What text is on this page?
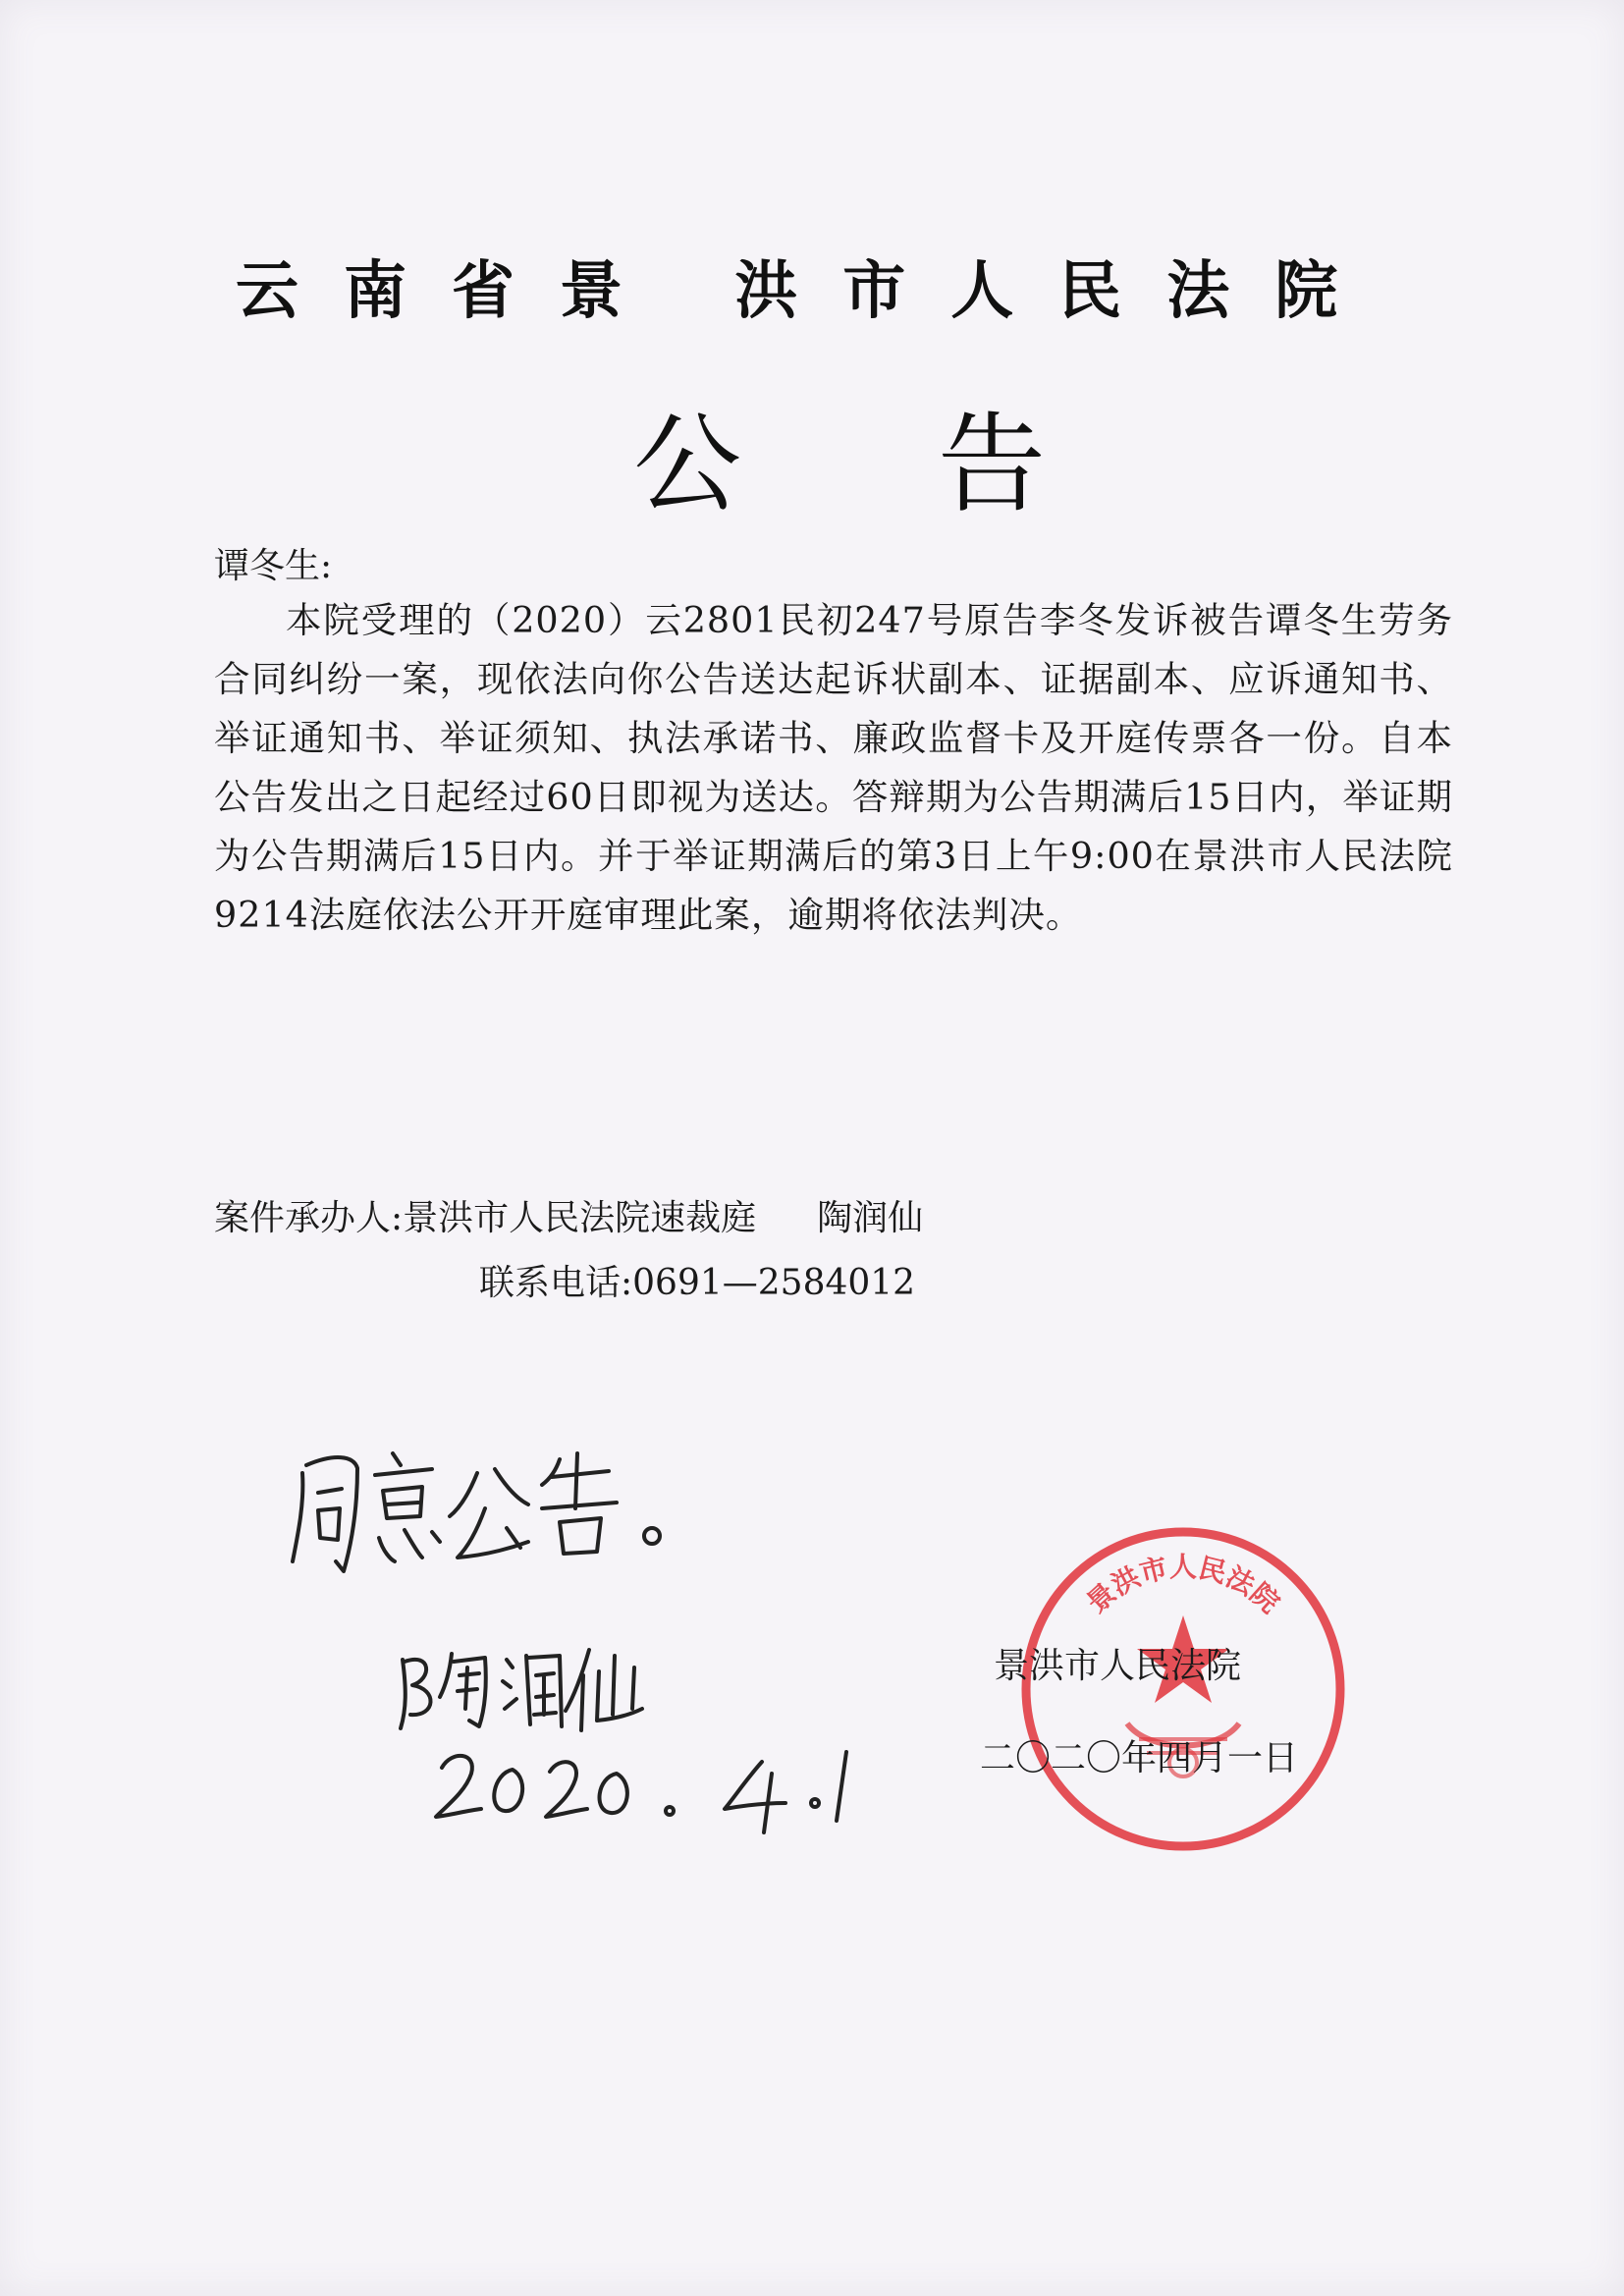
云南省景 洪市人民法院
公告
谭冬生:
本院受理的（2020）云2801民初247号原告李冬发诉被告谭冬生劳务合同纠纷一案，现依法向你公告送达起诉状副本、证据副本、应诉通知书、举证通知书、举证须知、执法承诺书、廉政监督卡及开庭传票各一份。自本公告发出之日起经过60日即视为送达。答辩期为公告期满后15日内，举证期为公告期满后15日内。并于举证期满后的第3日上午9:00在景洪市人民法院9214法庭依法公开开庭审理此案，逾期将依法判决。
案件承办人:景洪市人民法院速裁庭 陶润仙
联系电话:0691—2584012
景洪市人民法院
景洪市人民法院
二〇二〇年四月一日
